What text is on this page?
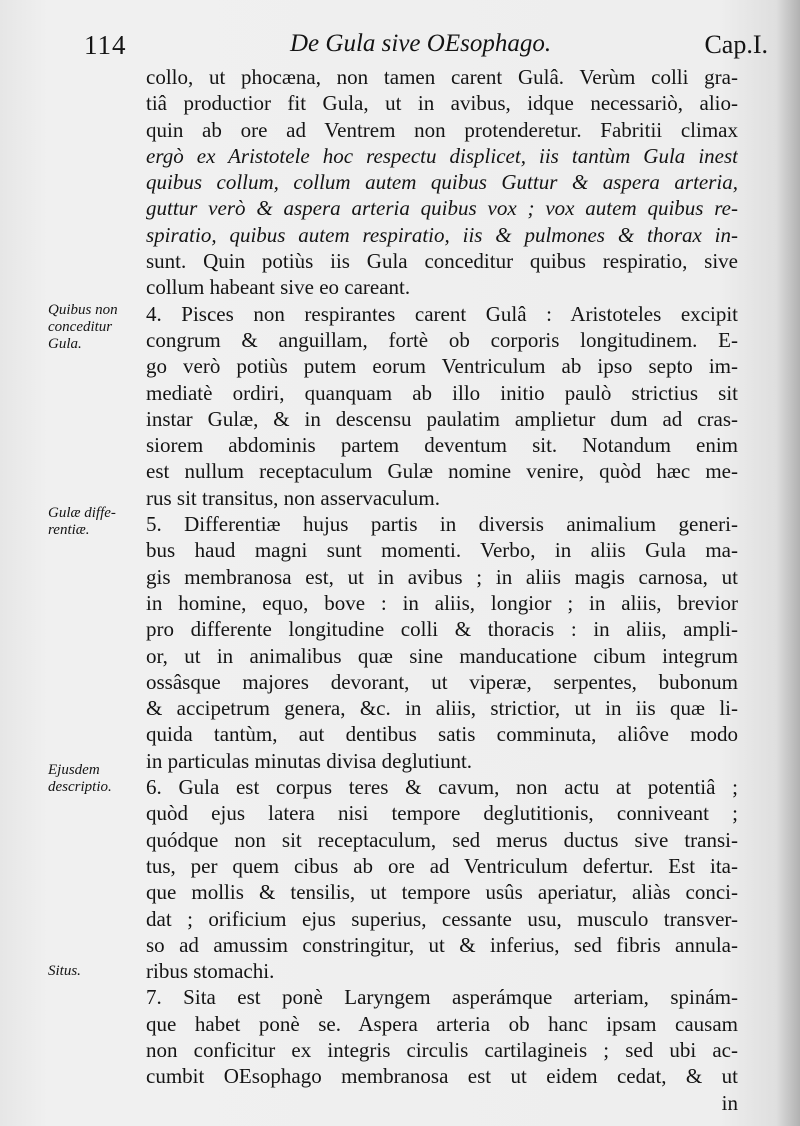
114	De Gula sive OEsophago.	Cap.I.
Quibus non
conceditur
Gula.
Gulæ diffe-
rentiæ.
Ejusdem
descriptio.
Situs.
collo, ut phocæna, non tamen carent Gulâ. Verùm colli gra-
tiâ productior fit Gula, ut in avibus, idque necessariò, alio-
quin ab ore ad Ventrem non protenderetur. Fabritii climax
ergò ex Aristotele hoc respectu displicet, iis tantùm Gula inest
quibus collum, collum autem quibus Guttur & aspera arteria,
guttur verò & aspera arteria quibus vox ; vox autem quibus re-
spiratio, quibus autem respiratio, iis & pulmones & thorax in-
sunt. Quin potiùs iis Gula conceditur quibus respiratio, sive
collum habeant sive eo careant.
4. Pisces non respirantes carent Gulâ : Aristoteles excipit
congrum & anguillam, fortè ob corporis longitudinem. E-
go verò potiùs putem eorum Ventriculum ab ipso septo im-
mediatè ordiri, quanquam ab illo initio paulò strictius sit
instar Gulæ, & in descensu paulatim amplietur dum ad cras-
siorem abdominis partem deventum sit. Notandum enim
est nullum receptaculum Gulæ nomine venire, quòd hæc me-
rus sit transitus, non asservaculum.
5. Differentiæ hujus partis in diversis animalium generi-
bus haud magni sunt momenti. Verbo, in aliis Gula ma-
gis membranosa est, ut in avibus ; in aliis magis carnosa, ut
in homine, equo, bove : in aliis, longior ; in aliis, brevior
pro differente longitudine colli & thoracis : in aliis, ampli-
or, ut in animalibus quæ sine manducatione cibum integrum
ossâsque majores devorant, ut viperæ, serpentes, bubonum
& accipetrum genera, &c. in aliis, strictior, ut in iis quæ li-
quida tantùm, aut dentibus satis comminuta, aliôve modo
in particulas minutas divisa deglutiunt.
6. Gula est corpus teres & cavum, non actu at potentiâ ;
quòd ejus latera nisi tempore deglutitionis, conniveant ;
quódque non sit receptaculum, sed merus ductus sive transi-
tus, per quem cibus ab ore ad Ventriculum defertur. Est ita-
que mollis & tensilis, ut tempore usûs aperiatur, aliàs conci-
dat ; orificium ejus superius, cessante usu, musculo transver-
so ad amussim constringitur, ut & inferius, sed fibris annula-
ribus stomachi.
7. Sita est ponè Laryngem asperámque arteriam, spinám-
que habet ponè se. Aspera arteria ob hanc ipsam causam
non conficitur ex integris circulis cartilagineis ; sed ubi ac-
cumbit OEsophago membranosa est ut eidem cedat, & ut
in
